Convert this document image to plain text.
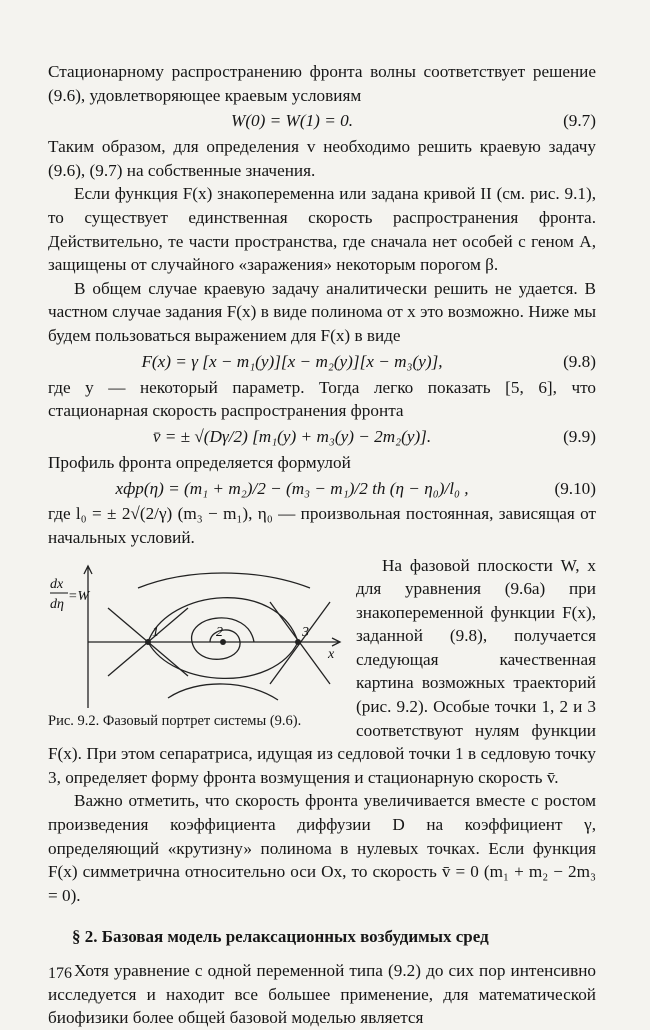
Стационарному распространению фронта волны соответствует решение (9.6), удовлетворяющее краевым условиям

W(0) = W(1) = 0.	(9.7)

Таким образом, для определения v необходимо решить краевую задачу (9.6), (9.7) на собственные значения.

Если функция F(x) знакопеременна или задана кривой II (см. рис. 9.1), то существует единственная скорость распространения фронта. Действительно, те части пространства, где сначала нет особей с геном A, защищены от случайного «заражения» некоторым порогом β.

В общем случае краевую задачу аналитически решить не удается. В частном случае задания F(x) в виде полинома от x это возможно. Ниже мы будем пользоваться выражением для F(x) в виде

F(x) = γ [x − m₁(y)][x − m₂(y)][x − m₃(y)],	(9.8)

где y — некоторый параметр. Тогда легко показать [5, 6], что стационарная скорость распространения фронта

v̄ = ± √(Dγ/2) [m₁(y) + m₃(y) − 2m₂(y)].	(9.9)

Профиль фронта определяется формулой

xфр(η) = (m₁ + m₂)/2 − (m₃ − m₁)/2 th (η − η₀)/l₀ ,	(9.10)

где l₀ = ± 2√(2/γ) (m₃ − m₁), η₀ — произвольная постоянная, зависящая от начальных условий.

dx
dη
=W
x
1	2	3
Рис. 9.2. Фазовый портрет системы (9.6).

На фазовой плоскости W, x для уравнения (9.6а) при знакопеременной функции F(x), заданной (9.8), получается следующая качественная картина возможных траекторий (рис. 9.2). Особые точки 1, 2 и 3 соответствуют нулям функции F(x). При этом сепаратриса, идущая из седловой точки 1 в седловую точку 3, определяет форму фронта возмущения и стационарную скорость v̄.

Важно отметить, что скорость фронта увеличивается вместе с ростом произведения коэффициента диффузии D на коэффициент γ, определяющий «крутизну» полинома в нулевых точках. Если функция F(x) симметрична относительно оси Ox, то скорость v̄ = 0 (m₁ + m₂ − 2m₃ = 0).

§ 2. Базовая модель релаксационных возбудимых сред

Хотя уравнение с одной переменной типа (9.2) до сих пор интенсивно исследуется и находит все большее применение, для математической биофизики более общей базовой моделью является

176
